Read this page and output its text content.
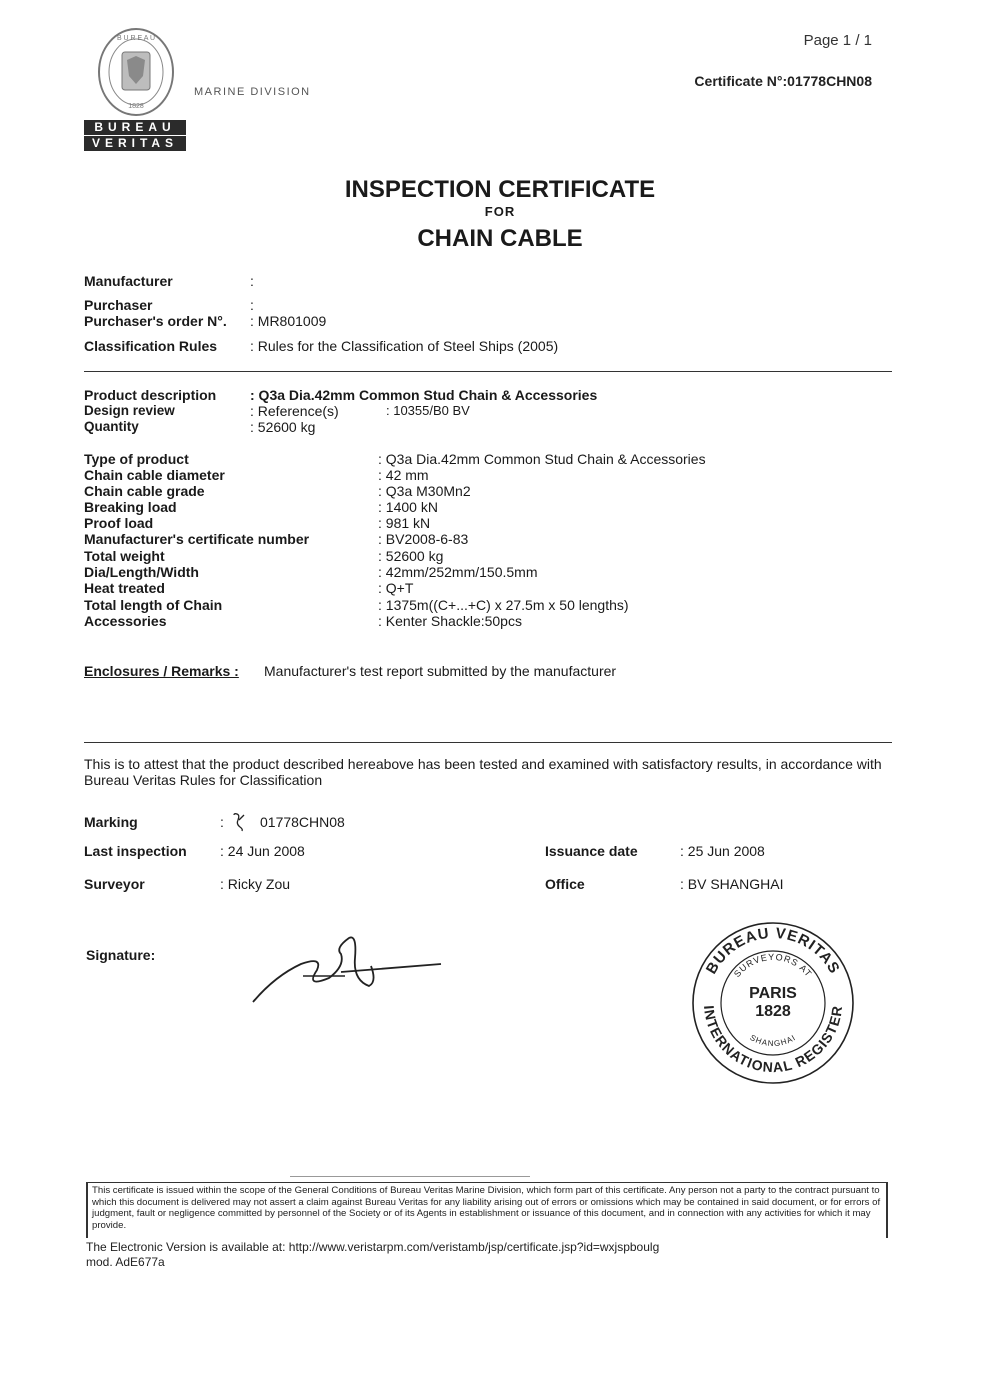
B U R E A U
1828
BUREAU
VERITAS
MARINE DIVISION
Page 1 / 1
Certificate N°:01778CHN08
INSPECTION CERTIFICATE
FOR
CHAIN CABLE
Manufacturer	:
Purchaser	:
Purchaser's order N°. : MR801009
Classification Rules : Rules for the Classification of Steel Ships (2005)
Product description : Q3a Dia.42mm Common Stud Chain & Accessories
Design review	: Reference(s)	: 10355/B0 BV
Quantity	: 52600 kg
Type of product	: Q3a Dia.42mm Common Stud Chain & Accessories
Chain cable diameter	: 42 mm
Chain cable grade	: Q3a M30Mn2
Breaking load	: 1400 kN
Proof load	: 981 kN
Manufacturer's certificate number	: BV2008-6-83
Total weight	: 52600 kg
Dia/Length/Width	: 42mm/252mm/150.5mm
Heat treated	: Q+T
Total length of Chain	: 1375m((C+...+C) x 27.5m x 50 lengths)
Accessories	: Kenter Shackle:50pcs
Enclosures / Remarks : Manufacturer's test report submitted by the manufacturer
This is to attest that the product described hereabove has been tested and examined with satisfactory results, in accordance with
Bureau Veritas Rules for Classification
Marking	:	01778CHN08
Last inspection : 24 Jun 2008	Issuance date	: 25 Jun 2008
Surveyor	: Ricky Zou	Office	: BV SHANGHAI
Signature:
BUREAU VERITAS
INTERNATIONAL REGISTER
SURVEYORS AT
SHANGHAI
PARIS
1828
This certificate is issued within the scope of the General Conditions of Bureau Veritas Marine Division, which form part of this certificate. Any person not a party to the contract pursuant to which this document is delivered may not assert a claim against Bureau Veritas for any liability arising out of errors or omissions which may be contained in said document, or for errors of judgment, fault or negligence committed by personnel of the Society or of its Agents in establishment or issuance of this document, and in connection with any activities for which it may provide.
The Electronic Version is available at: http://www.veristarpm.com/veristamb/jsp/certificate.jsp?id=wxjspboulg
mod. AdE677a
